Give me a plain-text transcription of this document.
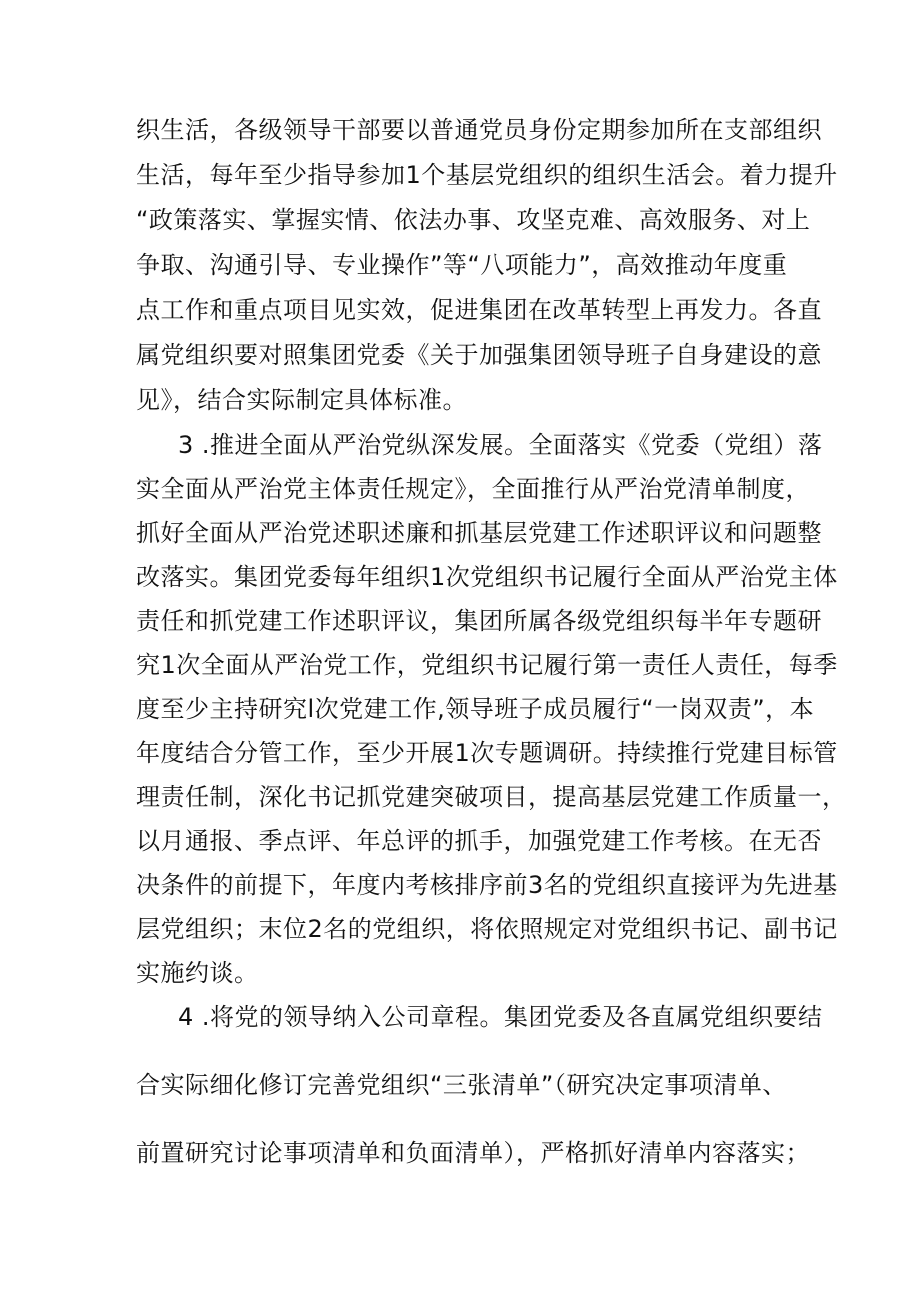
织生活，各级领导干部要以普通党员身份定期参加所在支部组织
生活，每年至少指导参加1个基层党组织的组织生活会。着力提升
“政策落实、掌握实情、依法办事、攻坚克难、高效服务、对上
争取、沟通引导、专业操作”等“八项能力”，高效推动年度重
点工作和重点项目见实效，促进集团在改革转型上再发力。各直
属党组织要对照集团党委《关于加强集团领导班子自身建设的意
见》，结合实际制定具体标准。
3 .推进全面从严治党纵深发展。全面落实《党委（党组）落
实全面从严治党主体责任规定》，全面推行从严治党清单制度，
抓好全面从严治党述职述廉和抓基层党建工作述职评议和问题整
改落实。集团党委每年组织1次党组织书记履行全面从严治党主体
责任和抓党建工作述职评议，集团所属各级党组织每半年专题研
究1次全面从严治党工作，党组织书记履行第一责任人责任，每季
度至少主持研究l次党建工作,领导班子成员履行“一岗双责”，本
年度结合分管工作，至少开展1次专题调研。持续推行党建目标管
理责任制，深化书记抓党建突破项目，提高基层党建工作质量一，
以月通报、季点评、年总评的抓手，加强党建工作考核。在无否
决条件的前提下，年度内考核排序前3名的党组织直接评为先进基
层党组织；末位2名的党组织，将依照规定对党组织书记、副书记
实施约谈。
4 .将党的领导纳入公司章程。集团党委及各直属党组织要结
合实际细化修订完善党组织“三张清单”（研究决定事项清单、
前置研究讨论事项清单和负面清单），严格抓好清单内容落实；
